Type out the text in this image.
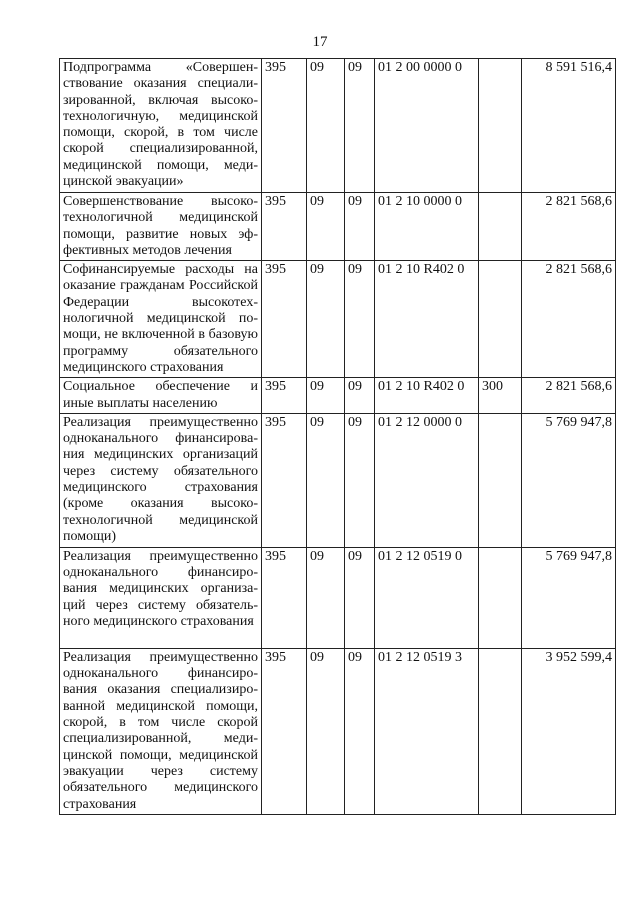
17
Подпрограмма «Совершенствование оказания специализированной, включая высокотехнологичную, медицинской помощи, скорой, в том числе скорой специализированной, медицинской помощи, медицинской эвакуации»	395	09	09	01 2 00 0000 0		8 591 516,4
Совершенствование высокотехнологичной медицинской помощи, развитие новых эффективных методов лечения	395	09	09	01 2 10 0000 0		2 821 568,6
Софинансируемые расходы на оказание гражданам Российской Федерации высокотехнологичной медицинской помощи, не включенной в базовую программу обязательного медицинского страхования	395	09	09	01 2 10 R402 0		2 821 568,6
Социальное обеспечение и иные выплаты населению	395	09	09	01 2 10 R402 0	300	2 821 568,6
Реализация преимущественно одноканального финансирования медицинских организаций через систему обязательного медицинского страхования (кроме оказания высокотехнологичной медицинской помощи)	395	09	09	01 2 12 0000 0		5 769 947,8
Реализация преимущественно одноканального финансирования медицинских организаций через систему обязательного медицинского страхования	395	09	09	01 2 12 0519 0		5 769 947,8
Реализация преимущественно одноканального финансирования оказания специализированной медицинской помощи, скорой, в том числе скорой специализированной, медицинской помощи, медицинской эвакуации через систему обязательного медицинского страхования	395	09	09	01 2 12 0519 3		3 952 599,4
